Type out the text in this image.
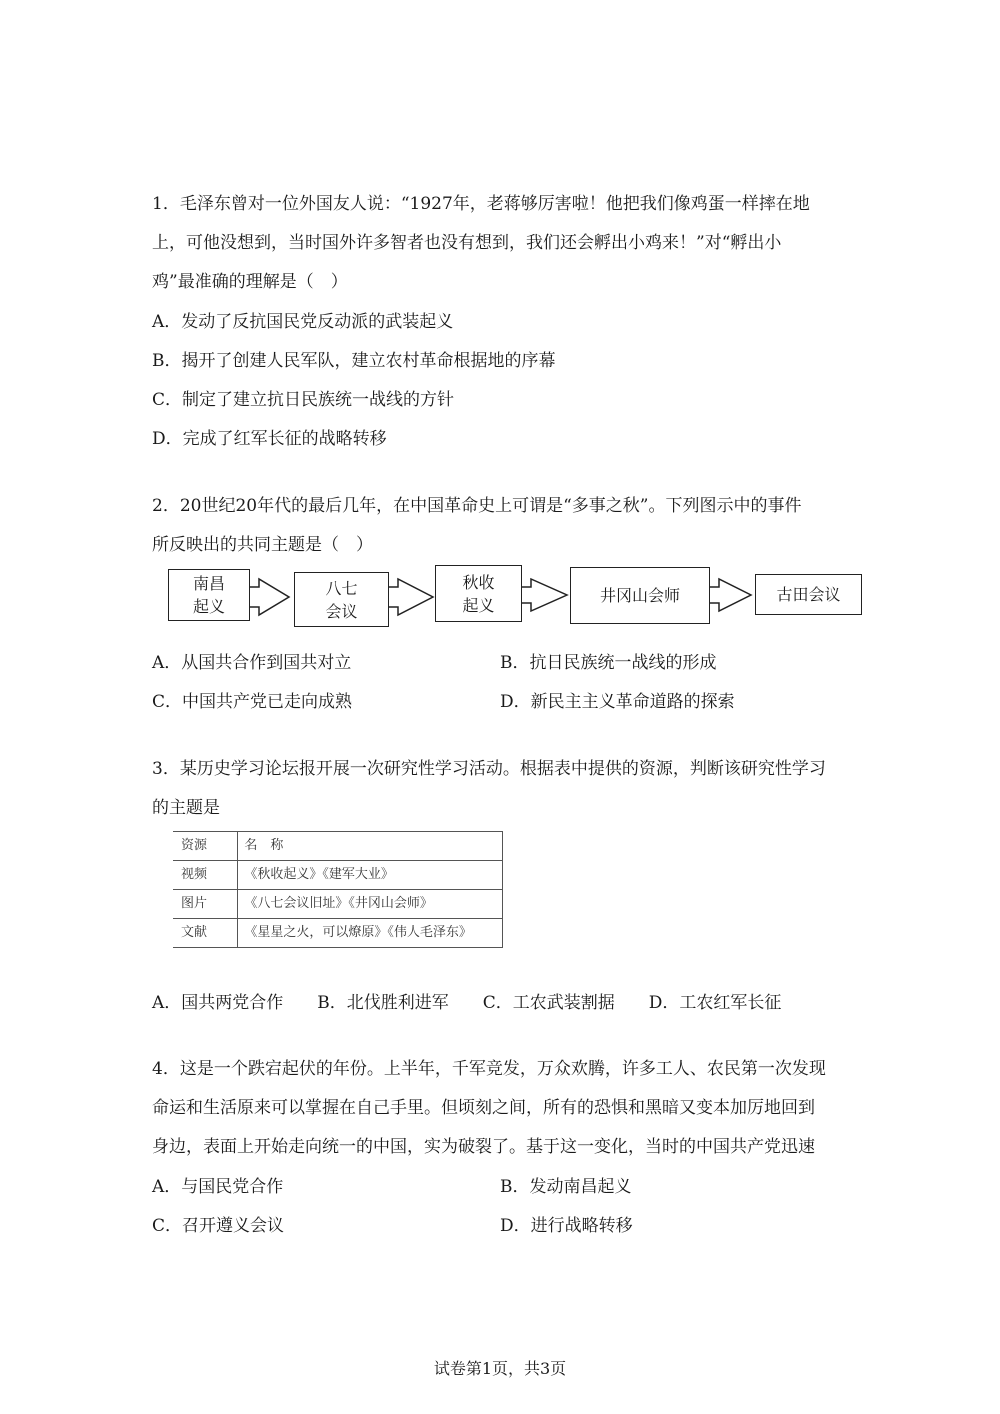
1．毛泽东曾对一位外国友人说：“1927年，老蒋够厉害啦！他把我们像鸡蛋一样摔在地
上，可他没想到，当时国外许多智者也没有想到，我们还会孵出小鸡来！”对“孵出小
鸡”最准确的理解是（　）
A．发动了反抗国民党反动派的武装起义
B．揭开了创建人民军队，建立农村革命根据地的序幕
C．制定了建立抗日民族统一战线的方针
D．完成了红军长征的战略转移
2．20世纪20年代的最后几年，在中国革命史上可谓是“多事之秋”。下列图示中的事件
所反映出的共同主题是（　）
南昌
起义
八七
会议
秋收
起义	井冈山会师	古田会议
A．从国共合作到国共对立	B．抗日民族统一战线的形成
C．中国共产党已走向成熟	D．新民主主义革命道路的探索
3．某历史学习论坛报开展一次研究性学习活动。根据表中提供的资源，判断该研究性学习
的主题是
资源	名　称
视频	《秋收起义》《建军大业》
图片	《八七会议旧址》《井冈山会师》
文献	《星星之火，可以燎原》《伟人毛泽东》
A．国共两党合作　　B．北伐胜利进军　　C．工农武装割据　　D．工农红军长征
4．这是一个跌宕起伏的年份。上半年，千军竞发，万众欢腾，许多工人、农民第一次发现
命运和生活原来可以掌握在自己手里。但顷刻之间，所有的恐惧和黑暗又变本加厉地回到
身边，表面上开始走向统一的中国，实为破裂了。基于这一变化，当时的中国共产党迅速
A．与国民党合作	B．发动南昌起义
C．召开遵义会议	D．进行战略转移
试卷第1页，共3页
